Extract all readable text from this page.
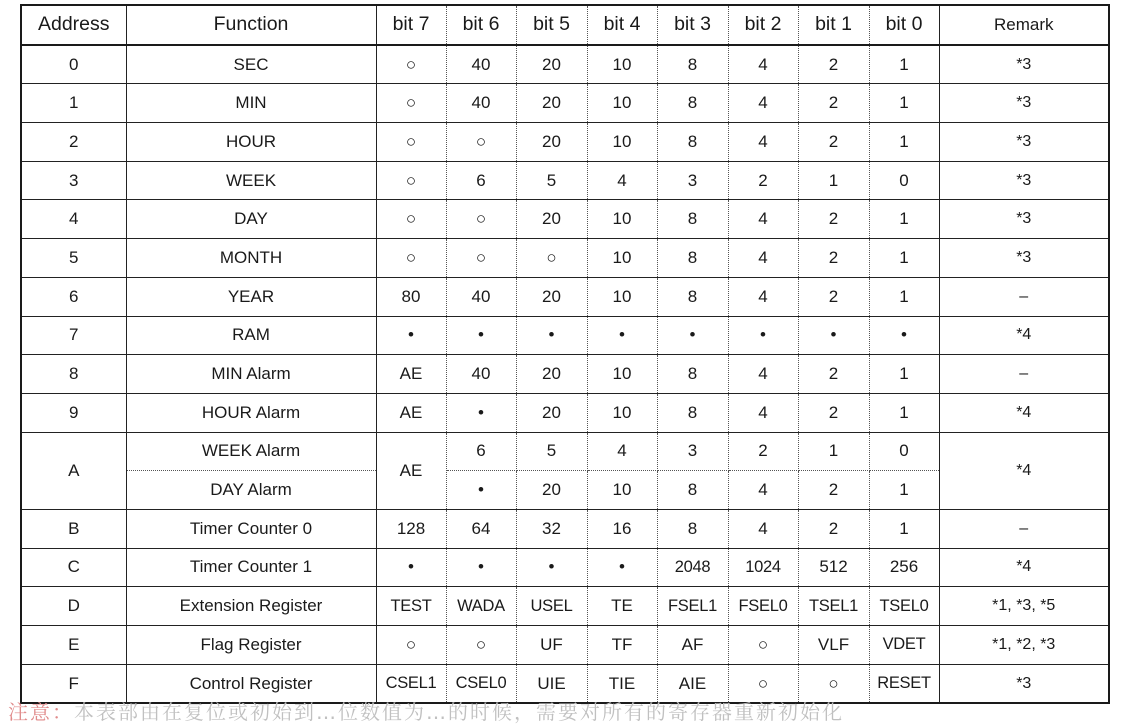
Address	Function	bit 7	bit 6	bit 5	bit 4	bit 3	bit 2	bit 1	bit 0	Remark
0	SEC	○	40	20	10	8	4	2	1	*3
1	MIN	○	40	20	10	8	4	2	1	*3
2	HOUR	○	○	20	10	8	4	2	1	*3
3	WEEK	○	6	5	4	3	2	1	0	*3
4	DAY	○	○	20	10	8	4	2	1	*3
5	MONTH	○	○	○	10	8	4	2	1	*3
6	YEAR	80	40	20	10	8	4	2	1	–
7	RAM	•	•	•	•	•	•	•	•	*4
8	MIN Alarm	AE	40	20	10	8	4	2	1	–
9	HOUR Alarm	AE	•	20	10	8	4	2	1	*4
A	WEEK Alarm	AE	6	5	4	3	2	1	0	*4
	DAY Alarm		•	20	10	8	4	2	1	
B	Timer Counter 0	128	64	32	16	8	4	2	1	–
C	Timer Counter 1	•	•	•	•	2048	1024	512	256	*4
D	Extension Register	TEST	WADA	USEL	TE	FSEL1	FSEL0	TSEL1	TSEL0	*1, *3, *5
E	Flag Register	○	○	UF	TF	AF	○	VLF	VDET	*1, *2, *3
F	Control Register	CSEL1	CSEL0	UIE	TIE	AIE	○	○	RESET	*3
注意：本表部由在复位或初始到…位数值为…的时候，需要对所有的寄存器重新初始化
